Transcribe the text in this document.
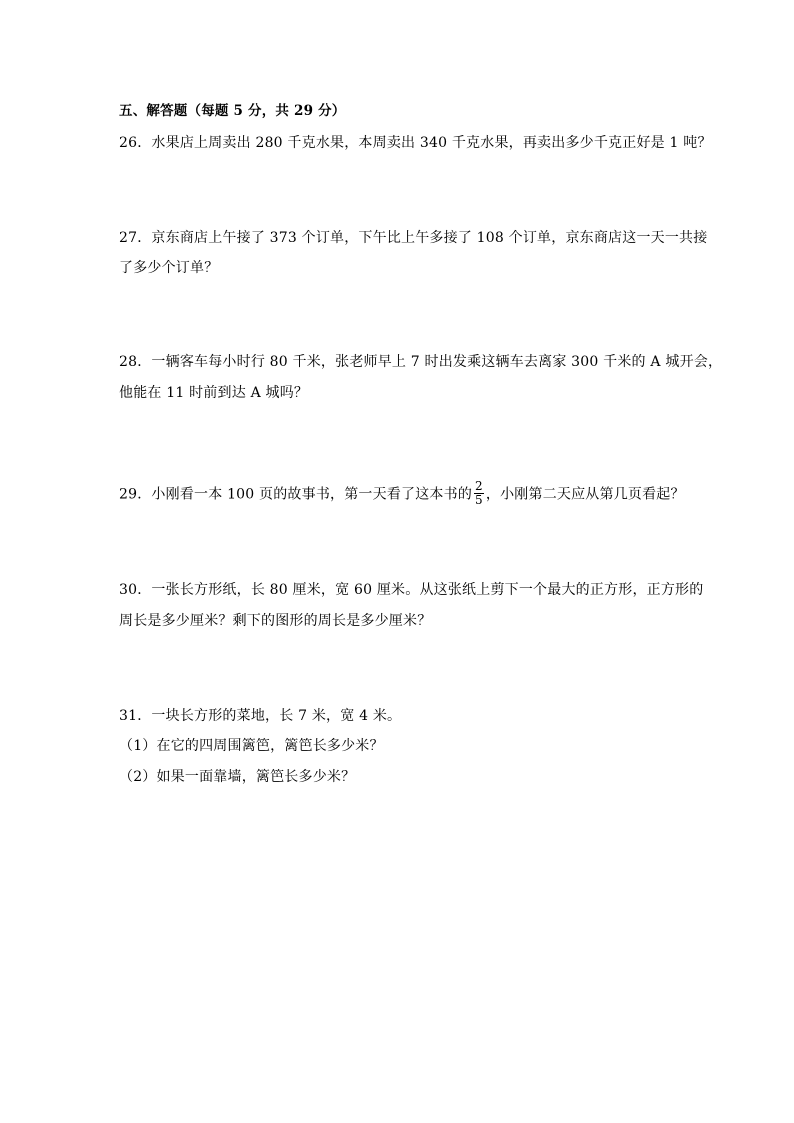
五、解答题（每题 5 分，共 29 分）
26．水果店上周卖出 280 千克水果，本周卖出 340 千克水果，再卖出多少千克正好是 1 吨？
27．京东商店上午接了 373 个订单，下午比上午多接了 108 个订单，京东商店这一天一共接
了多少个订单？
28．一辆客车每小时行 80 千米，张老师早上 7 时出发乘这辆车去离家 300 千米的 A 城开会，
他能在 11 时前到达 A 城吗？
29．小刚看一本 100 页的故事书，第一天看了这本书的 $\frac{2}{5}$ ，小刚第二天应从第几页看起？
30．一张长方形纸，长 80 厘米，宽 60 厘米。从这张纸上剪下一个最大的正方形，正方形的
周长是多少厘米？剩下的图形的周长是多少厘米？
31．一块长方形的菜地，长 7 米，宽 4 米。
（1）在它的四周围篱笆，篱笆长多少米？
（2）如果一面靠墙，篱笆长多少米？
